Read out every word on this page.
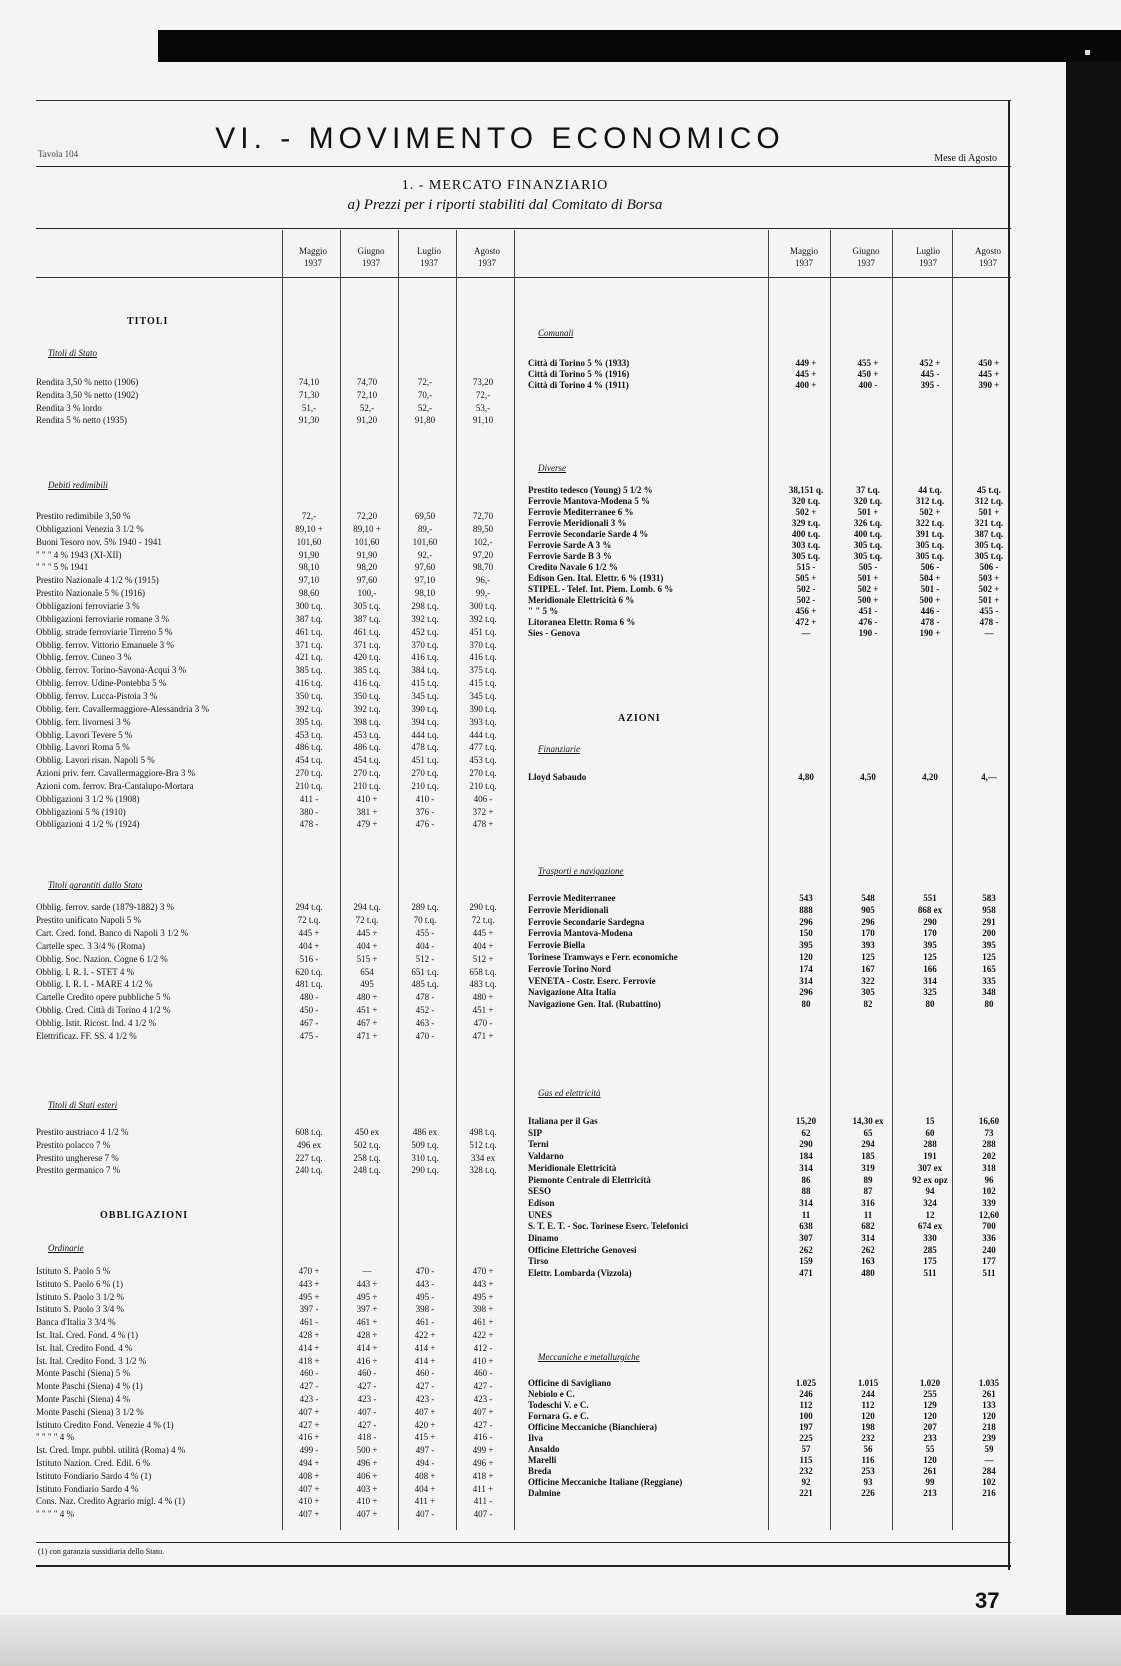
Tavola 104	VI. - MOVIMENTO ECONOMICO
Mese di Agosto
1. - MERCATO FINANZIARIO
a) Prezzi per i riporti stabiliti dal Comitato di Borsa
Maggio
1937
Giugno
1937
Luglio
1937
Agosto
1937
Maggio
1937
Giugno
1937
Luglio
1937
Agosto
1937
TITOLI
OBBLIGAZIONI
AZIONI
Titoli di Stato
Rendita 3,50 % netto (1906)	74,10	74,70	72,-	73,20
Rendita 3,50 % netto (1902)	71,30	72,10	70,-	72,-
Rendita 3 % lordo	51,-	52,-	52,-	53,-
Rendita 5 % netto (1935)	91,30	91,20	91,80	91,10
Debiti redimibili
Prestito redimibile 3,50 %	72,-	72,20	69,50	72,70
Obbligazioni Venezia 3 1/2 %	89,10 +	89,10 +	89,-	89,50
Buoni Tesoro nov. 5% 1940 - 1941	101,60	101,60	101,60	102,-
" " " 4 % 1943 (XI-XII)	91,90	91,90	92,-	97,20
" " " 5 % 1941	98,10	98,20	97,60	98,70
Prestito Nazionale 4 1/2 % (1915)	97,10	97,60	97,10	96,-
Prestito Nazionale 5 % (1916)	98,60	100,-	98,10	99,-
Obbligazioni ferroviarie 3 %	300 t.q.	305 t.q.	298 t.q.	300 t.q.
Obbligazioni ferroviarie romane 3 %	387 t.q.	387 t.q.	392 t.q.	392 t.q.
Obblig. strade ferroviarie Tirreno 5 %	461 t.q.	461 t.q.	452 t.q.	451 t.q.
Obblig. ferrov. Vittorio Emanuele 3 %	371 t.q.	371 t.q.	370 t.q.	370 t.q.
Obblig. ferrov. Cuneo 3 %	421 t.q.	420 t.q.	416 t.q.	416 t.q.
Obblig. ferrov. Torino-Savona-Acqui 3 %	385 t.q.	385 t.q.	384 t.q.	375 t.q.
Obblig. ferrov. Udine-Pontebba 5 %	416 t.q.	416 t.q.	415 t.q.	415 t.q.
Obblig. ferrov. Lucca-Pistoia 3 %	350 t.q.	350 t.q.	345 t.q.	345 t.q.
Obblig. ferr. Cavallermaggiore-Alessandria 3 %	392 t.q.	392 t.q.	390 t.q.	390 t.q.
Obblig. ferr. livornesi 3 %	395 t.q.	398 t.q.	394 t.q.	393 t.q.
Obblig. Lavori Tevere 5 %	453 t.q.	453 t.q.	444 t.q.	444 t.q.
Obblig. Lavori Roma 5 %	486 t.q.	486 t.q.	478 t.q.	477 t.q.
Obblig. Lavori risan. Napoli 5 %	454 t.q.	454 t.q.	451 t.q.	453 t.q.
Azioni priv. ferr. Cavallermaggiore-Bra 3 %	270 t.q.	270 t.q.	270 t.q.	270 t.q.
Azioni com. ferrov. Bra-Cantalupo-Mortara	210 t.q.	210 t.q.	210 t.q.	210 t.q.
Obbligazioni 3 1/2 % (1908)	411 -	410 +	410 -	406 -
Obbligazioni 5 % (1910)	380 -	381 +	376 -	372 +
Obbligazioni 4 1/2 % (1924)	478 -	479 +	476 -	478 +
Titoli garantiti dallo Stato
Obblig. ferrov. sarde (1879-1882) 3 %	294 t.q.	294 t.q.	289 t.q.	290 t.q.
Prestito unificato Napoli 5 %	72 t.q.	72 t.q.	70 t.q.	72 t.q.
Cart. Cred. fond. Banco di Napoli 3 1/2 %	445 +	445 +	455 -	445 +
Cartelle spec. 3 3/4 % (Roma)	404 +	404 +	404 -	404 +
Obblig. Soc. Nazion. Cogne 6 1/2 %	516 -	515 +	512 -	512 +
Obblig. I. R. I. - STET 4 %	620 t.q.	654	651 t.q.	658 t.q.
Obblig. I. R. I. - MARE 4 1/2 %	481 t.q.	495	485 t.q.	483 t.q.
Cartelle Credito opere pubbliche 5 %	480 -	480 +	478 -	480 +
Obblig. Cred. Città di Torino 4 1/2 %	450 -	451 +	452 -	451 +
Obblig. Istit. Ricost. Ind. 4 1/2 %	467 -	467 +	463 -	470 -
Elettrificaz. FF. SS. 4 1/2 %	475 -	471 +	470 -	471 +
Titoli di Stati esteri
Prestito austriaco 4 1/2 %	608 t.q.	450 ex	486 ex	498 t.q.
Prestito polacco 7 %	496 ex	502 t.q.	509 t.q.	512 t.q.
Prestito ungherese 7 %	227 t.q.	258 t.q.	310 t.q.	334 ex
Prestito germanico 7 %	240 t.q.	248 t.q.	290 t.q.	328 t.q.
Ordinarie
Istituto S. Paolo 5 %	470 +	—	470 -	470 +
Istituto S. Paolo 6 % (1)	443 +	443 +	443 -	443 +
Istituto S. Paolo 3 1/2 %	495 +	495 +	495 -	495 +
Istituto S. Paolo 3 3/4 %	397 -	397 +	398 -	398 +
Banca d'Italia 3 3/4 %	461 -	461 +	461 -	461 +
Ist. Ital. Cred. Fond. 4 % (1)	428 +	428 +	422 +	422 +
Ist. Ital. Credito Fond. 4 %	414 +	414 +	414 +	412 -
Ist. Ital. Credito Fond. 3 1/2 %	418 +	416 +	414 +	410 +
Monte Paschi (Siena) 5 %	460 -	460 -	460 -	460 -
Monte Paschi (Siena) 4 % (1)	427 -	427 -	427 -	427 -
Monte Paschi (Siena) 4 %	423 -	423 -	423 -	423 -
Monte Paschi (Siena) 3 1/2 %	407 +	407 -	407 +	407 +
Istituto Credito Fond. Venezie 4 % (1)	427 +	427 -	420 +	427 -
" " " " 4 %	416 +	418 -	415 +	416 -
Ist. Cred. Impr. pubbl. utilità (Roma) 4 %	499 -	500 +	497 -	499 +
Istituto Nazion. Cred. Edil. 6 %	494 +	496 +	494 -	496 +
Istituto Fondiario Sardo 4 % (1)	408 +	406 +	408 +	418 +
Istituto Fondiario Sardo 4 %	407 +	403 +	404 +	411 +
Cons. Naz. Credito Agrario migl. 4 % (1)	410 +	410 +	411 +	411 -
" " " " 4 %	407 +	407 +	407 -	407 -
Comunali
Città di Torino 5 % (1933)	449 +	455 +	452 +	450 +
Città di Torino 5 % (1916)	445 +	450 +	445 -	445 +
Città di Torino 4 % (1911)	400 +	400 -	395 -	390 +
Diverse
Prestito tedesco (Young) 5 1/2 %	38,151 q.	37 t.q.	44 t.q.	45 t.q.
Ferrovie Mantova-Modena 5 %	320 t.q.	320 t.q.	312 t.q.	312 t.q.
Ferrovie Mediterranee 6 %	502 +	501 +	502 +	501 +
Ferrovie Meridionali 3 %	329 t.q.	326 t.q.	322 t.q.	321 t.q.
Ferrovie Secondarie Sarde 4 %	400 t.q.	400 t.q.	391 t.q.	387 t.q.
Ferrovie Sarde A 3 %	303 t.q.	305 t.q.	305 t.q.	305 t.q.
Ferrovie Sarde B 3 %	305 t.q.	305 t.q.	305 t.q.	305 t.q.
Credito Navale 6 1/2 %	515 -	505 -	506 -	506 -
Edison Gen. Ital. Elettr. 6 % (1931)	505 +	501 +	504 +	503 +
STIPEL - Telef. Int. Piem. Lomb. 6 %	502 -	502 +	501 -	502 +
Meridionale Elettricità 6 %	502 -	500 +	500 +	501 +
" " 5 %	456 +	451 -	446 -	455 -
Litoranea Elettr. Roma 6 %	472 +	476 -	478 -	478 -
Sies - Genova	—	190 -	190 +	—
Finanziarie
Lloyd Sabaudo	4,80	4,50	4,20	4,—
Trasporti e navigazione
Ferrovie Mediterranee	543	548	551	583
Ferrovie Meridionali	888	905	868 ex	958
Ferrovie Secondarie Sardegna	296	296	290	291
Ferrovia Mantova-Modena	150	170	170	200
Ferrovie Biella	395	393	395	395
Torinese Tramways e Ferr. economiche	120	125	125	125
Ferrovie Torino Nord	174	167	166	165
VENETA - Costr. Eserc. Ferrovie	314	322	314	335
Navigazione Alta Italia	296	305	325	348
Navigazione Gen. Ital. (Rubattino)	80	82	80	80
Gas ed elettricità
Italiana per il Gas	15,20	14,30 ex	15	16,60
SIP	62	65	60	73
Terni	290	294	288	288
Valdarno	184	185	191	202
Meridionale Elettricità	314	319	307 ex	318
Piemonte Centrale di Elettricità	86	89	92 ex opz	96
SESO	88	87	94	102
Edison	314	316	324	339
UNES	11	11	12	12,60
S. T. E. T. - Soc. Torinese Eserc. Telefonici	638	682	674 ex	700
Dinamo	307	314	330	336
Officine Elettriche Genovesi	262	262	285	240
Tirso	159	163	175	177
Elettr. Lombarda (Vizzola)	471	480	511	511
Meccaniche e metallurgiche
Officine di Savigliano	1.025	1.015	1.020	1.035
Nebiolo e C.	246	244	255	261
Todeschi V. e C.	112	112	129	133
Fornara G. e C.	100	120	120	120
Officine Meccaniche (Bianchiera)	197	198	207	218
Ilva	225	232	233	239
Ansaldo	57	56	55	59
Marelli	115	116	120	—
Breda	232	253	261	284
Officine Meccaniche Italiane (Reggiane)	92	93	99	102
Dalmine	221	226	213	216
(1) con garanzia sussidiaria dello Stato.
37
